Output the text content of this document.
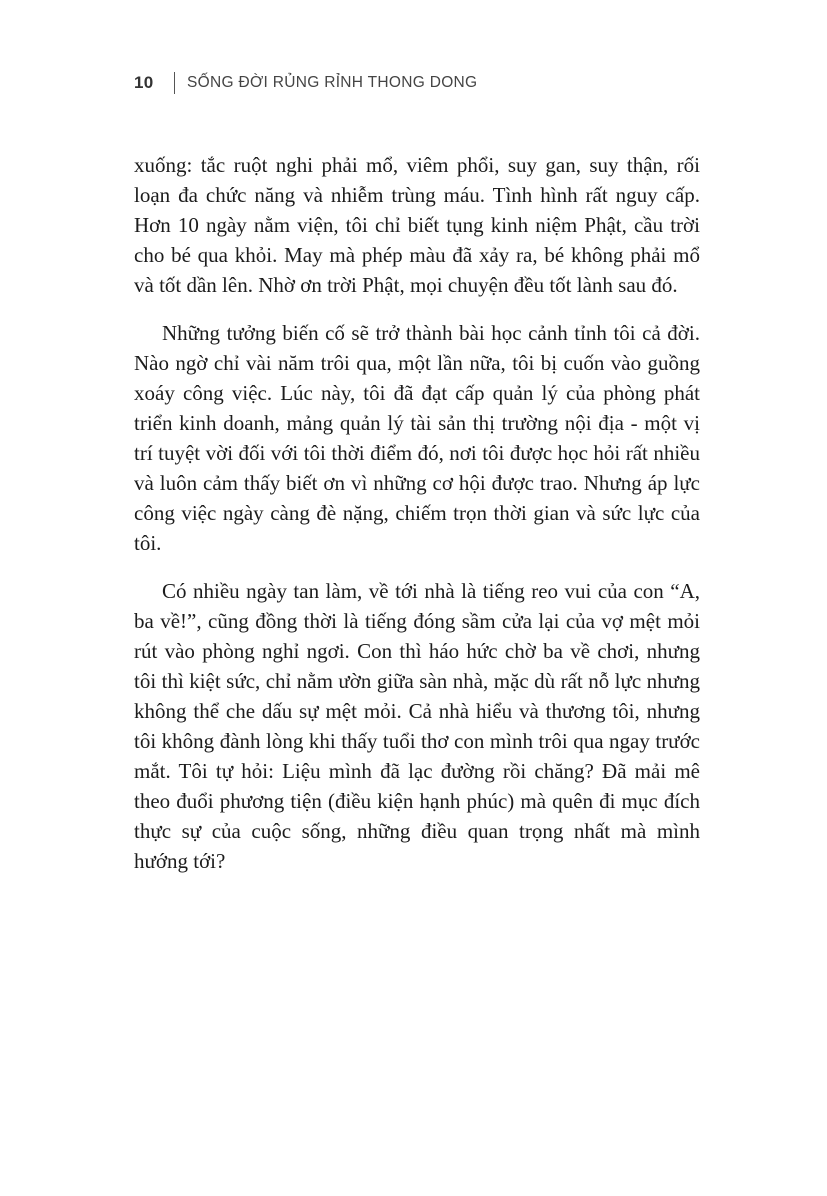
10 SỐNG ĐỜI RỦNG RỈNH THONG DONG

xuống: tắc ruột nghi phải mổ, viêm phổi, suy gan, suy thận, rối loạn đa chức năng và nhiễm trùng máu. Tình hình rất nguy cấp. Hơn 10 ngày nằm viện, tôi chỉ biết tụng kinh niệm Phật, cầu trời cho bé qua khỏi. May mà phép màu đã xảy ra, bé không phải mổ và tốt dần lên. Nhờ ơn trời Phật, mọi chuyện đều tốt lành sau đó.

Những tưởng biến cố sẽ trở thành bài học cảnh tỉnh tôi cả đời. Nào ngờ chỉ vài năm trôi qua, một lần nữa, tôi bị cuốn vào guồng xoáy công việc. Lúc này, tôi đã đạt cấp quản lý của phòng phát triển kinh doanh, mảng quản lý tài sản thị trường nội địa - một vị trí tuyệt vời đối với tôi thời điểm đó, nơi tôi được học hỏi rất nhiều và luôn cảm thấy biết ơn vì những cơ hội được trao. Nhưng áp lực công việc ngày càng đè nặng, chiếm trọn thời gian và sức lực của tôi.

Có nhiều ngày tan làm, về tới nhà là tiếng reo vui của con “A, ba về!”, cũng đồng thời là tiếng đóng sầm cửa lại của vợ mệt mỏi rút vào phòng nghỉ ngơi. Con thì háo hức chờ ba về chơi, nhưng tôi thì kiệt sức, chỉ nằm ườn giữa sàn nhà, mặc dù rất nỗ lực nhưng không thể che dấu sự mệt mỏi. Cả nhà hiểu và thương tôi, nhưng tôi không đành lòng khi thấy tuổi thơ con mình trôi qua ngay trước mắt. Tôi tự hỏi: Liệu mình đã lạc đường rồi chăng? Đã mải mê theo đuổi phương tiện (điều kiện hạnh phúc) mà quên đi mục đích thực sự của cuộc sống, những điều quan trọng nhất mà mình hướng tới?
